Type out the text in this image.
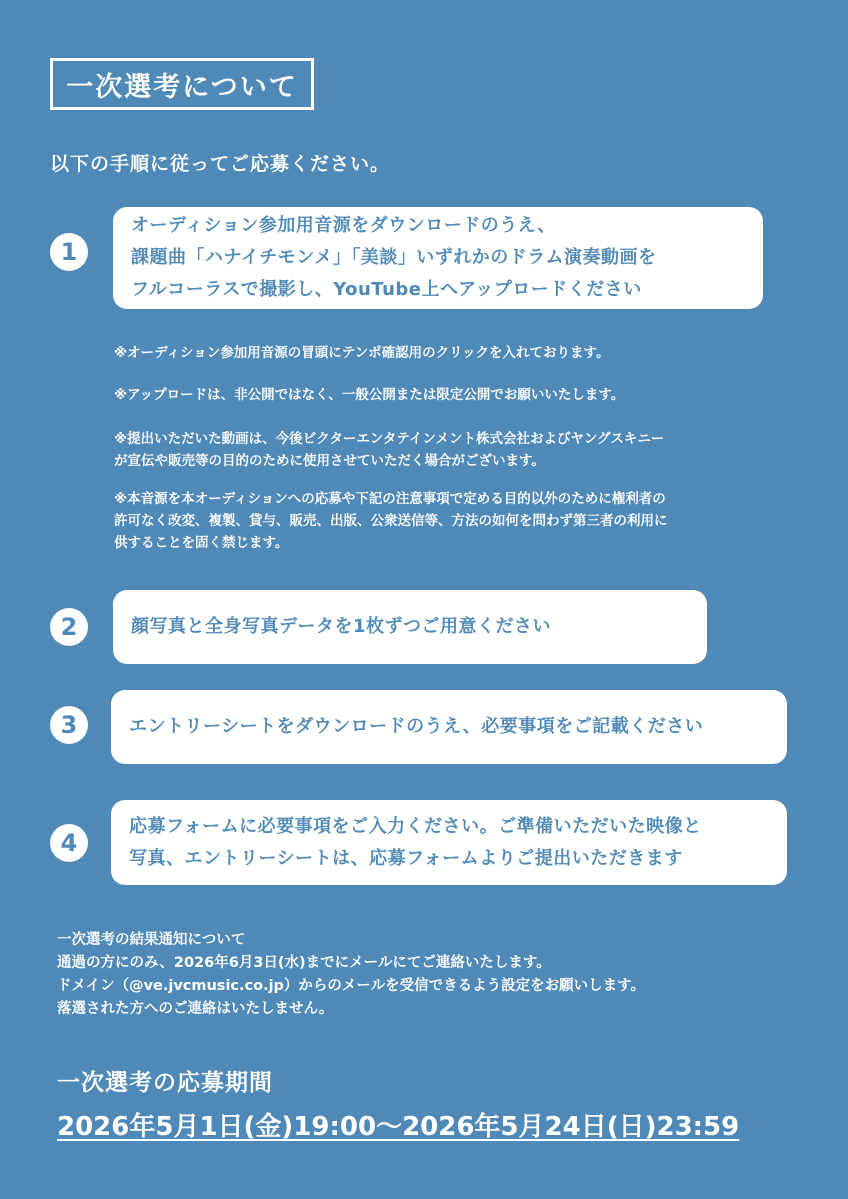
一次選考について
以下の手順に従ってご応募ください。
1
オーディション参加用音源をダウンロードのうえ、
課題曲「ハナイチモンメ」「美談」いずれかのドラム演奏動画を
フルコーラスで撮影し、YouTube上へアップロードください
※オーディション参加用音源の冒頭にテンポ確認用のクリックを入れております。
※アップロードは、非公開ではなく、一般公開または限定公開でお願いいたします。
※提出いただいた動画は、今後ビクターエンタテインメント株式会社およびヤングスキニー
が宣伝や販売等の目的のために使用させていただく場合がございます。
※本音源を本オーディションへの応募や下記の注意事項で定める目的以外のために権利者の
許可なく改変、複製、貸与、販売、出版、公衆送信等、方法の如何を問わず第三者の利用に
供することを固く禁じます。
2	顔写真と全身写真データを1枚ずつご用意ください
3	エントリーシートをダウンロードのうえ、必要事項をご記載ください
4
応募フォームに必要事項をご入力ください。ご準備いただいた映像と
写真、エントリーシートは、応募フォームよりご提出いただきます
一次選考の結果通知について
通過の方にのみ、2026年6月3日(水)までにメールにてご連絡いたします。
ドメイン（@ve.jvcmusic.co.jp）からのメールを受信できるよう設定をお願いします。
落選された方へのご連絡はいたしません。
一次選考の応募期間
2026年5月1日(金)19:00～2026年5月24日(日)23:59
